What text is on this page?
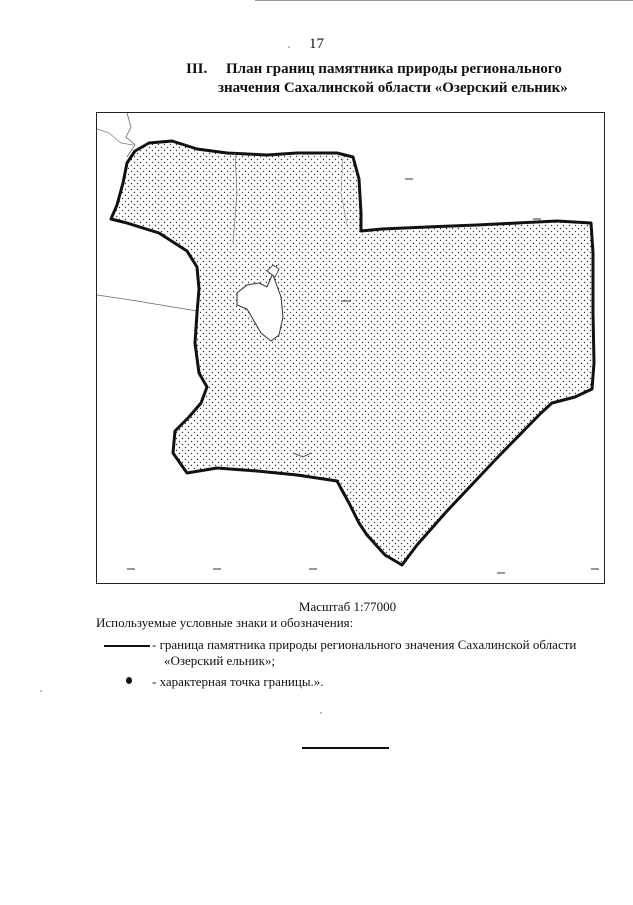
17
III. План границ памятника природы регионального
значения Сахалинской области «Озерский ельник»
Масштаб 1:77000
Используемые условные знаки и обозначения:
- граница памятника природы регионального значения Сахалинской области
«Озерский ельник»;
- характерная точка границы.».
